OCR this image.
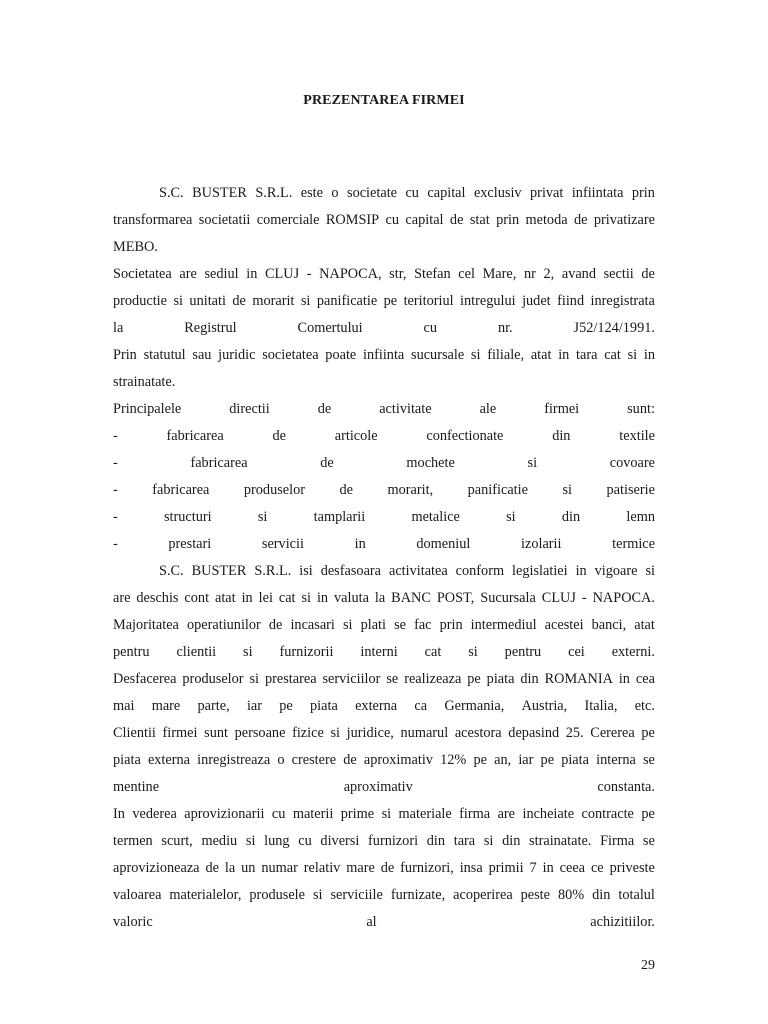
PREZENTAREA FIRMEI
S.C. BUSTER S.R.L. este o societate cu capital exclusiv privat infiintata prin
transformarea societatii comerciale ROMSIP cu capital de stat prin metoda de privatizare
MEBO.
Societatea are sediul in CLUJ - NAPOCA, str, Stefan cel Mare, nr 2, avand sectii de
productie si unitati de morarit si panificatie pe teritoriul intregului judet fiind inregistrata
la	Registrul	Comertului	cu	nr.	J52/124/1991.
Prin statutul sau juridic societatea poate infiinta sucursale si filiale, atat in tara cat si in
strainatate.
Principalele	directii	de	activitate	ale	firmei	sunt:
-	fabricarea	de	articole	confectionate	din	textile
-	fabricarea	de	mochete	si	covoare
- fabricarea produselor de morarit, panificatie si patiserie
-	structuri	si	tamplarii	metalice	si	din	lemn
-	prestari	servicii	in	domeniul	izolarii	termice
S.C. BUSTER S.R.L. isi desfasoara activitatea conform legislatiei in vigoare si
are deschis cont atat in lei cat si in valuta la BANC POST, Sucursala CLUJ - NAPOCA.
Majoritatea operatiunilor de incasari si plati se fac prin intermediul acestei banci, atat
pentru clientii si furnizorii interni cat si pentru cei externi.
Desfacerea produselor si prestarea serviciilor se realizeaza pe piata din ROMANIA in cea
mai mare parte, iar pe piata externa ca Germania, Austria, Italia, etc.
Clientii firmei sunt persoane fizice si juridice, numarul acestora depasind 25. Cererea pe
piata externa inregistreaza o crestere de aproximativ 12% pe an, iar pe piata interna se
mentine	aproximativ	constanta.
In vederea aprovizionarii cu materii prime si materiale firma are incheiate contracte pe
termen scurt, mediu si lung cu diversi furnizori din tara si din strainatate. Firma se
aprovizioneaza de la un numar relativ mare de furnizori, insa primii 7 in ceea ce priveste
valoarea materialelor, produsele si serviciile furnizate, acoperirea peste 80% din totalul
valoric	al	achizitiilor.
29
